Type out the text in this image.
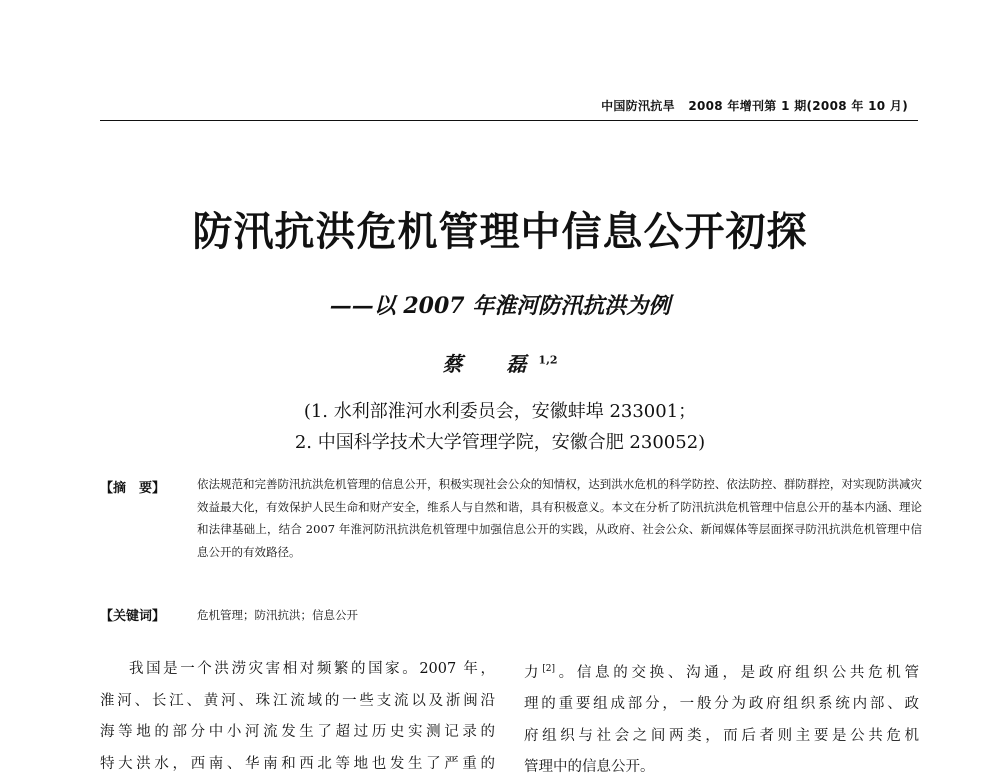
中国防汛抗旱 2008 年增刊第 1 期(2008 年 10 月)
防汛抗洪危机管理中信息公开初探
——以 2007 年淮河防汛抗洪为例
蔡　磊$^{1,2}$
(1. 水利部淮河水利委员会，安徽蚌埠 233001；
2. 中国科学技术大学管理学院，安徽合肥 230052)
【摘　要】	依法规范和完善防汛抗洪危机管理的信息公开，积极实现社会公众的知情权，达到洪水危机的科学防控、依法防控、群防群控，对实现防洪减灾效益最大化，有效保护人民生命和财产安全，维系人与自然和谐，具有积极意义。本文在分析了防汛抗洪危机管理中信息公开的基本内涵、理论和法律基础上，结合 2007 年淮河防汛抗洪危机管理中加强信息公开的实践，从政府、社会公众、新闻媒体等层面探寻防汛抗洪危机管理中信息公开的有效路径。
【关键词】	危机管理；防汛抗洪；信息公开

我国是一个洪涝灾害相对频繁的国家。2007 年，

淮河、长江、黄河、珠江流域的一些支流以及浙闽沿

海等地的部分中小河流发生了超过历史实测记录的

特大洪水，西南、华南和西北等地也发生了严重的

力[2]。信息的交换、沟通，是政府组织公共危机管

理的重要组成部分，一般分为政府组织系统内部、政

府组织与社会之间两类，而后者则主要是公共危机

管理中的信息公开。
